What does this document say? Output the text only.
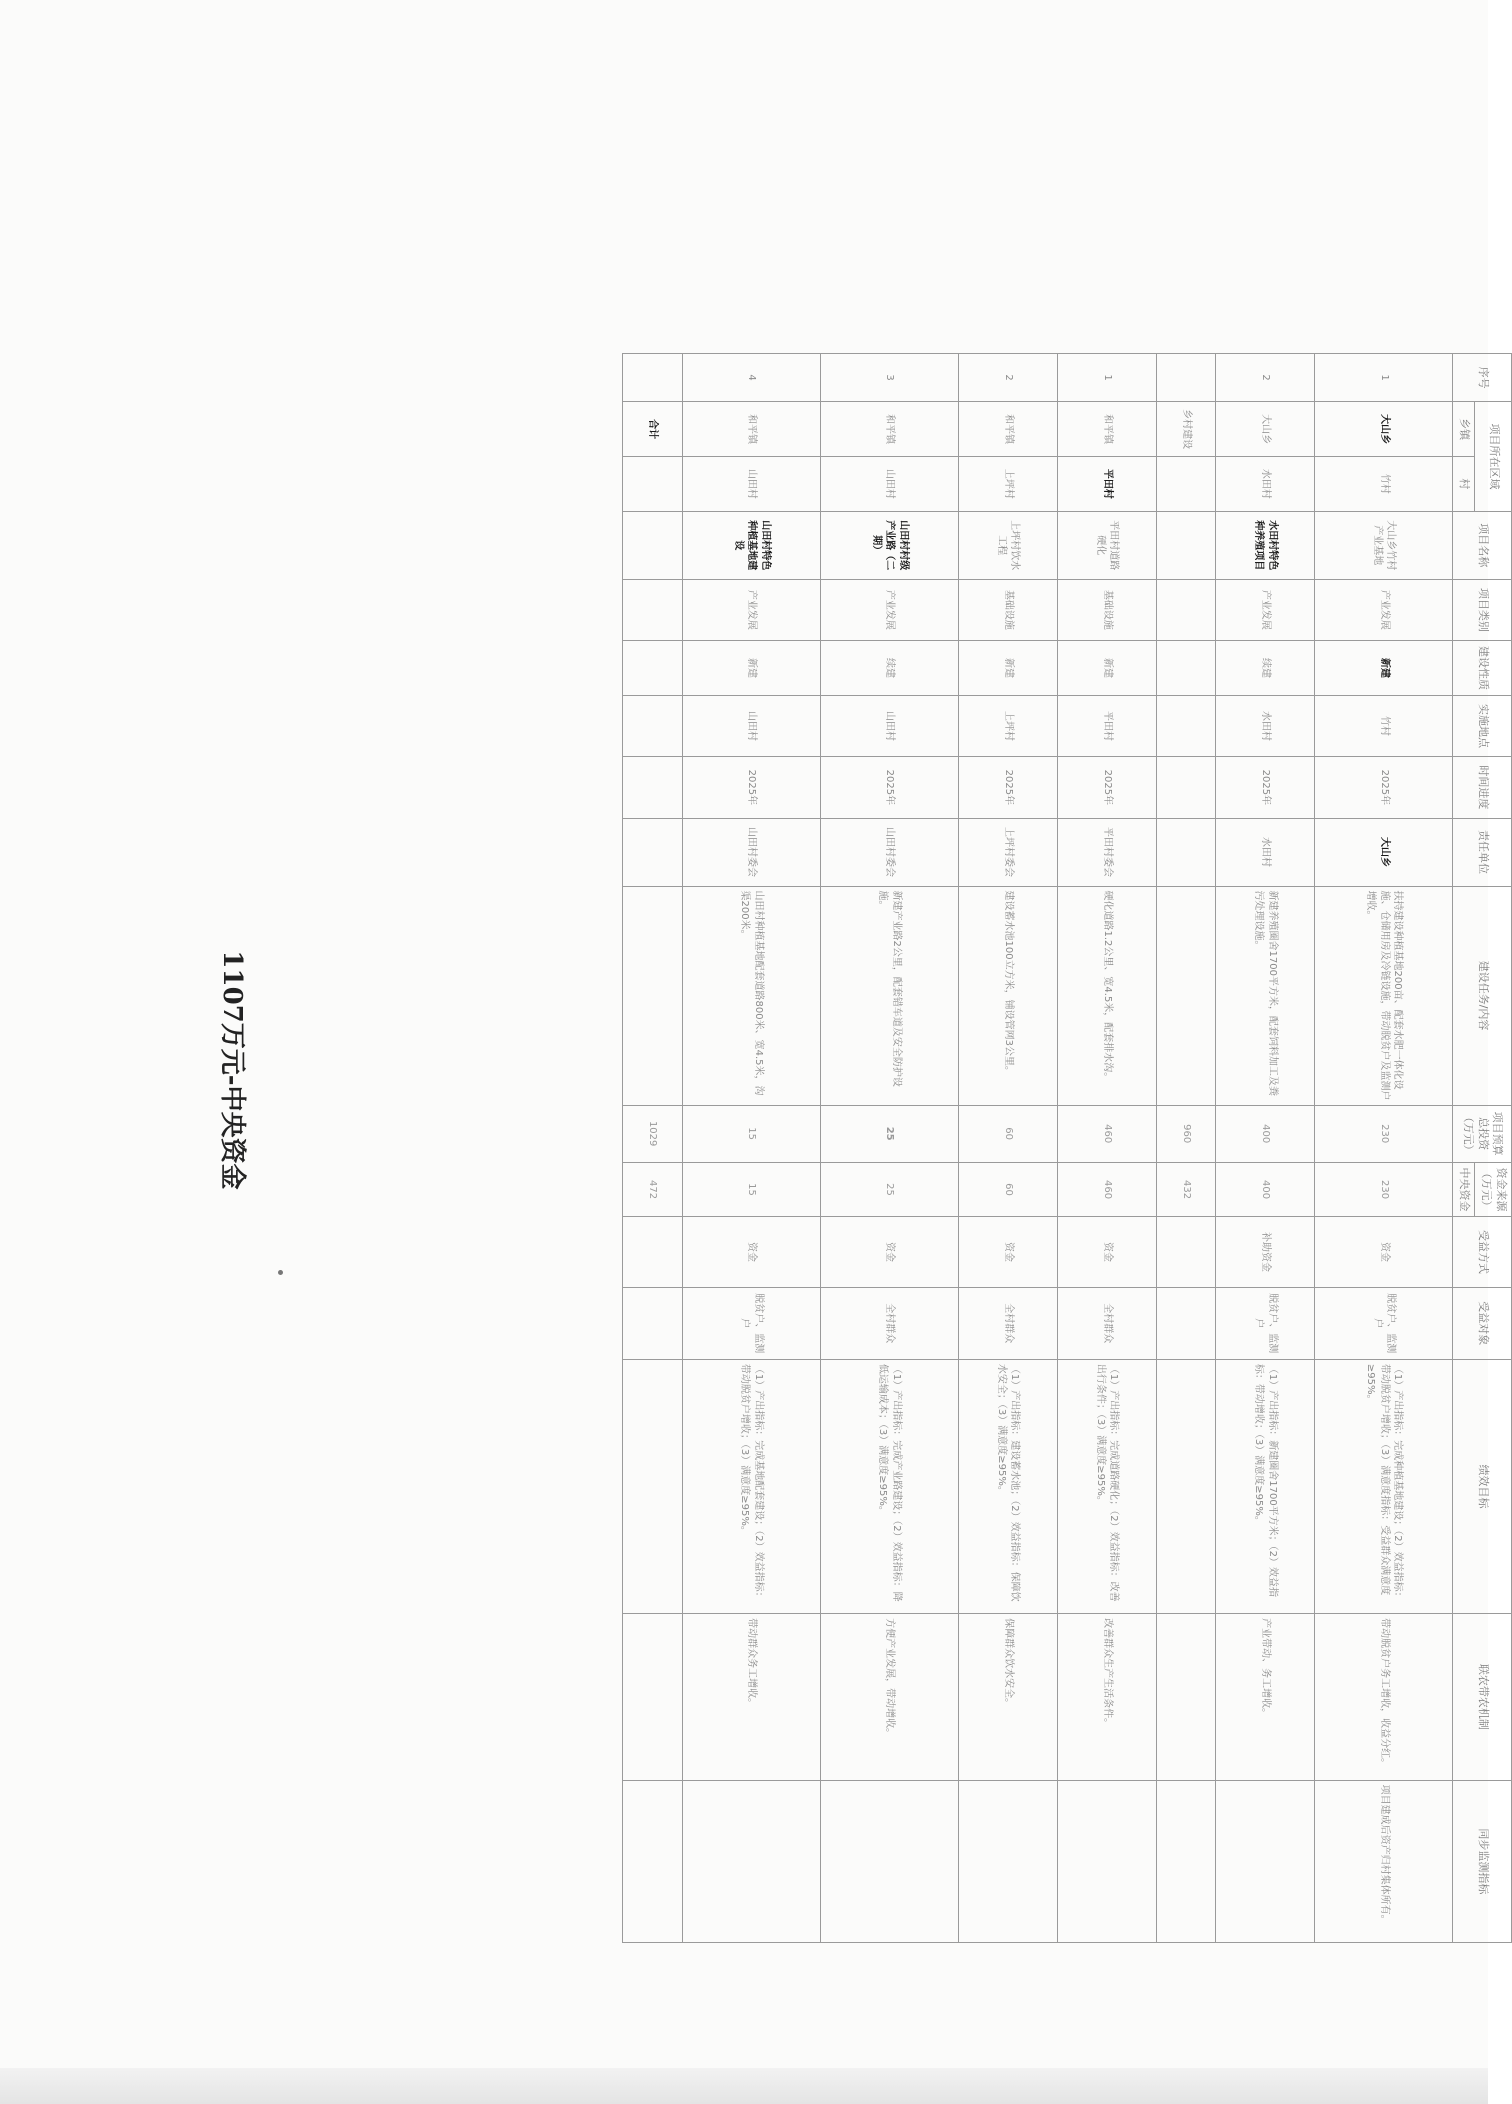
1107万元-中央资金
序号	项目所在区域		项目名称	项目类别	建设性质	实施地点	时间进度	责任单位	建设任务/内容	项目预算总投资（万元）	资金来源（万元）	受益方式	受益对象	绩效目标	联农带农机制	同步监测指标
	乡镇	村									中央资金					
1	大山乡	竹村	大山乡竹村产业基地	产业发展	新建	竹村	2025年	大山乡	扶持建设种植基地200亩、配套水肥一体化设施、仓储用房及冷链设施，带动脱贫户及监测户增收。	230	230	资金	脱贫户、监测户	（1）产出指标：完成种植基地建设；（2）效益指标：带动脱贫户增收；（3）满意度指标：受益群众满意度≥95%。	带动脱贫户务工增收，收益分红。	项目建成后资产归村集体所有。
2	大山乡	水田村	水田村特色种养殖项目	产业发展	续建	水田村	2025年	水田村	新建养殖圈舍1700平方米，配套饲料加工及粪污处理设施。	400	400	补助资金	脱贫户、监测户	（1）产出指标：新建圈舍1700平方米；（2）效益指标：带动增收；（3）满意度≥95%。	产业带动、务工增收。	
	乡村建设									960	432					
1	和平镇	平田村	平田村道路硬化	基础设施	新建	平田村	2025年	平田村委会	硬化道路1.2公里、宽4.5米，配套排水沟。	460	460	资金	全村群众	（1）产出指标：完成道路硬化；（2）效益指标：改善出行条件；（3）满意度≥95%。	改善群众生产生活条件。	
2	和平镇	上坪村	上坪村饮水工程	基础设施	新建	上坪村	2025年	上坪村委会	建设蓄水池100立方米，铺设管网3公里。	60	60	资金	全村群众	（1）产出指标：建设蓄水池；（2）效益指标：保障饮水安全；（3）满意度≥95%。	保障群众饮水安全。	
3	和平镇	山田村	山田村村级产业路（二期）	产业发展	续建	山田村	2025年	山田村委会	新建产业路2公里，配套错车道及安全防护设施。	25	25	资金	全村群众	（1）产出指标：完成产业路建设；（2）效益指标：降低运输成本；（3）满意度≥95%。	方便产业发展，带动增收。	
4	和平镇	山田村	山田村特色种植基地建设	产业发展	新建	山田村	2025年	山田村委会	山田村种植基地配套道路800米、宽4.5米，沟渠200米。	15	15	资金	脱贫户、监测户	（1）产出指标：完成基地配套建设；（2）效益指标：带动脱贫户增收；（3）满意度≥95%。	带动群众务工增收。	
	合计									1029	472					
